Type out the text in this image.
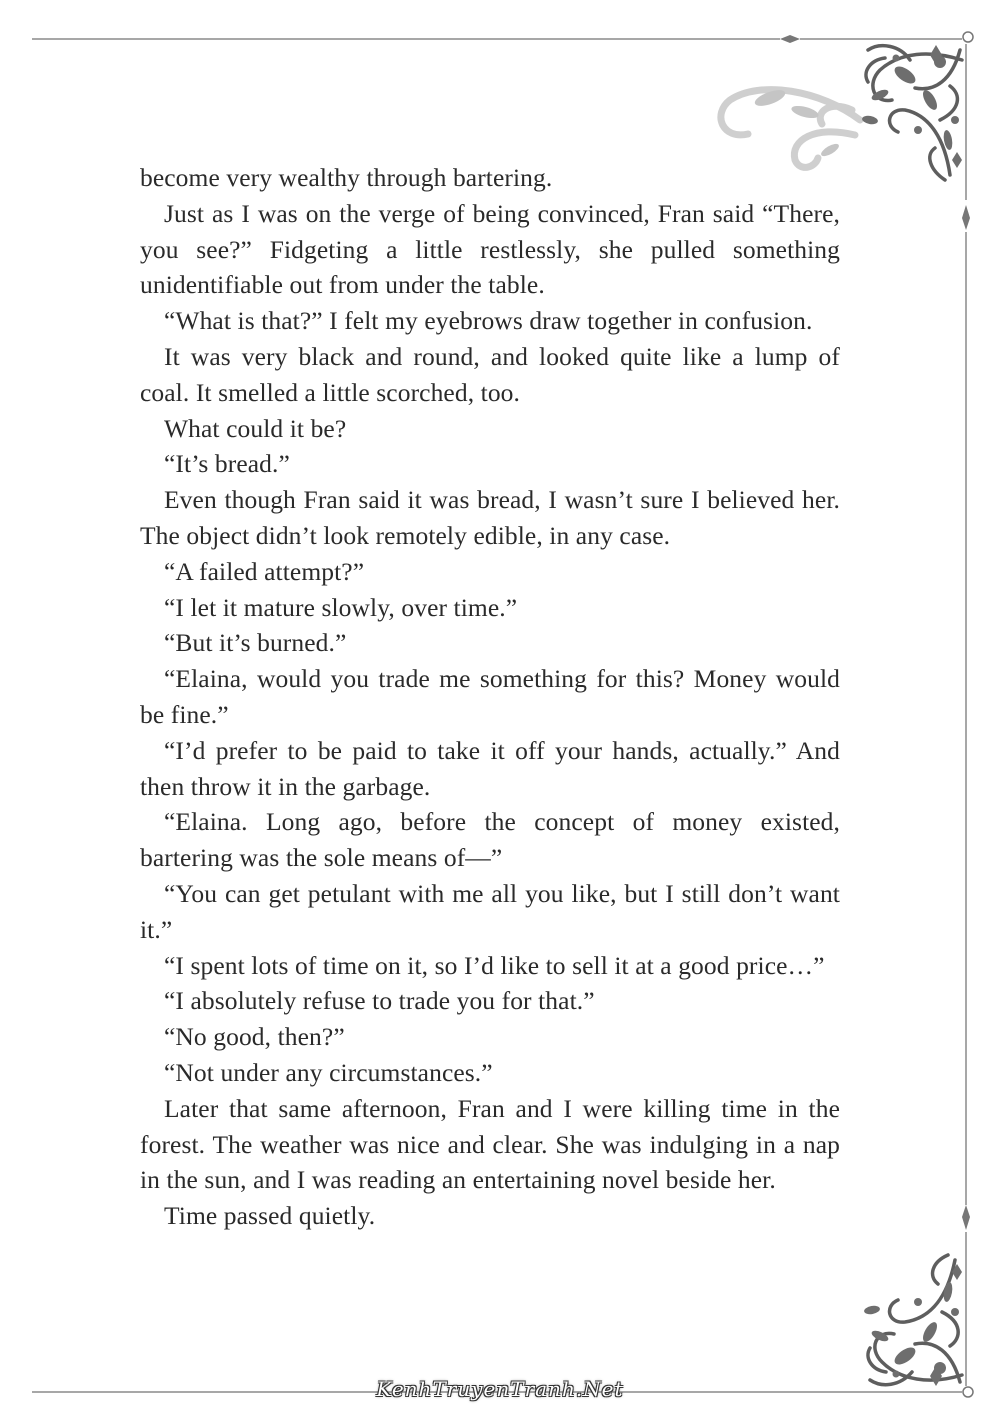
become very wealthy through bartering.

Just as I was on the verge of being convinced, Fran said “There, you see?” Fidgeting a little restlessly, she pulled something unidentifiable out from under the table.

“What is that?” I felt my eyebrows draw together in confusion.

It was very black and round, and looked quite like a lump of coal. It smelled a little scorched, too.

What could it be?

“It’s bread.”

Even though Fran said it was bread, I wasn’t sure I believed her. The object didn’t look remotely edible, in any case.

“A failed attempt?”

“I let it mature slowly, over time.”

“But it’s burned.”

“Elaina, would you trade me something for this? Money would be fine.”

“I’d prefer to be paid to take it off your hands, actually.” And then throw it in the garbage.

“Elaina. Long ago, before the concept of money existed, bartering was the sole means of—”

“You can get petulant with me all you like, but I still don’t want it.”

“I spent lots of time on it, so I’d like to sell it at a good price…”

“I absolutely refuse to trade you for that.”

“No good, then?”

“Not under any circumstances.”

Later that same afternoon, Fran and I were killing time in the forest. The weather was nice and clear. She was indulging in a nap in the sun, and I was reading an entertaining novel beside her.

Time passed quietly.

KenhTruyenTranh.Net
